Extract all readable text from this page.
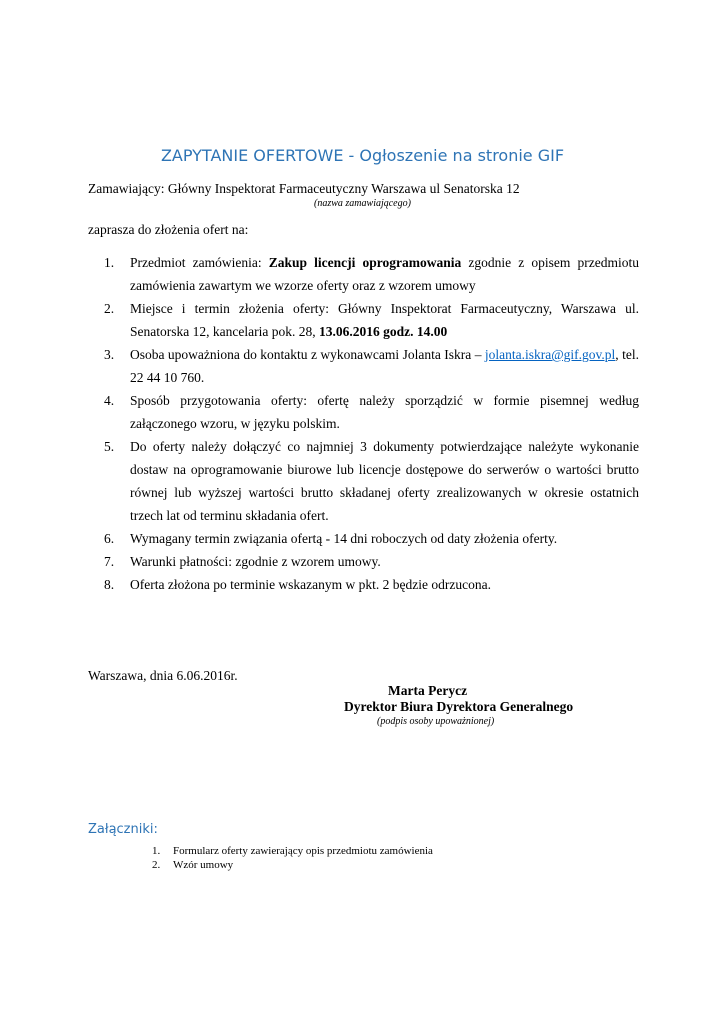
ZAPYTANIE OFERTOWE - Ogłoszenie na stronie GIF
Zamawiający: Główny Inspektorat Farmaceutyczny Warszawa ul Senatorska 12
(nazwa zamawiającego)
zaprasza do złożenia ofert na:
1.	Przedmiot zamówienia: Zakup licencji oprogramowania zgodnie z opisem przedmiotu zamówienia zawartym we wzorze oferty oraz z wzorem umowy
2.	Miejsce i termin złożenia oferty: Główny Inspektorat Farmaceutyczny, Warszawa ul. Senatorska 12, kancelaria pok. 28, 13.06.2016 godz. 14.00
3.	Osoba upoważniona do kontaktu z wykonawcami Jolanta Iskra – jolanta.iskra@gif.gov.pl, tel. 22 44 10 760.
4.	Sposób przygotowania oferty: ofertę należy sporządzić w formie pisemnej według załączonego wzoru, w języku polskim.
5.	Do oferty należy dołączyć co najmniej 3 dokumenty potwierdzające należyte wykonanie dostaw na oprogramowanie biurowe lub licencje dostępowe do serwerów o wartości brutto równej lub wyższej wartości brutto składanej oferty zrealizowanych w okresie ostatnich trzech lat od terminu składania ofert.
6.	Wymagany termin związania ofertą - 14 dni roboczych od daty złożenia oferty.
7.	Warunki płatności: zgodnie z wzorem umowy.
8.	Oferta złożona po terminie wskazanym w pkt. 2 będzie odrzucona.
Warszawa, dnia 6.06.2016r.
Marta Perycz
Dyrektor Biura Dyrektora Generalnego
(podpis osoby upoważnionej)
Załączniki:
1. Formularz oferty zawierający opis przedmiotu zamówienia
2. Wzór umowy
